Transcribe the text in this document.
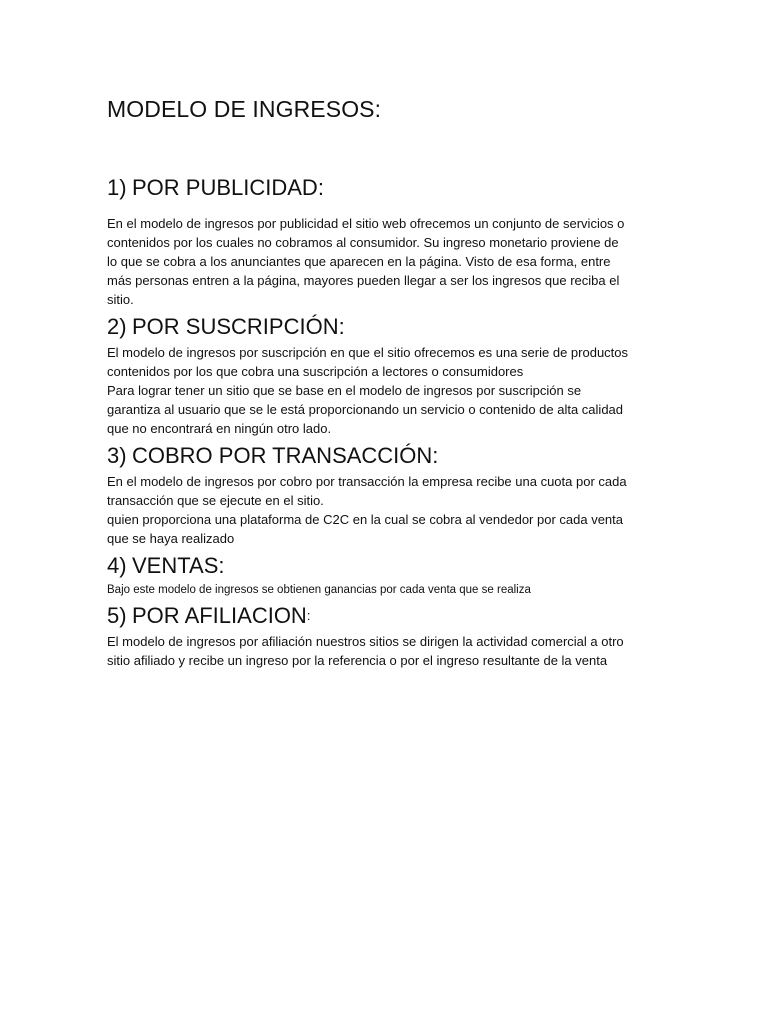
MODELO DE INGRESOS:
1) POR PUBLICIDAD:

En el modelo de ingresos por publicidad el sitio web ofrecemos un conjunto de servicios o
contenidos por los cuales no cobramos al consumidor. Su ingreso monetario proviene de
lo que se cobra a los anunciantes que aparecen en la página. Visto de esa forma, entre
más personas entren a la página, mayores pueden llegar a ser los ingresos que reciba el
sitio.

2) POR SUSCRIPCIÓN:

El modelo de ingresos por suscripción en que el sitio ofrecemos es una serie de productos
contenidos por los que cobra una suscripción a lectores o consumidores
Para lograr tener un sitio que se base en el modelo de ingresos por suscripción se
garantiza al usuario que se le está proporcionando un servicio o contenido de alta calidad
que no encontrará en ningún otro lado.

3) COBRO POR TRANSACCIÓN:

En el modelo de ingresos por cobro por transacción la empresa recibe una cuota por cada
transacción que se ejecute en el sitio.
quien proporciona una plataforma de C2C en la cual se cobra al vendedor por cada venta
que se haya realizado

4) VENTAS:

Bajo este modelo de ingresos se obtienen ganancias por cada venta que se realiza

5) POR AFILIACION :

El modelo de ingresos por afiliación nuestros sitios se dirigen la actividad comercial a otro
sitio afiliado y recibe un ingreso por la referencia o por el ingreso resultante de la venta
